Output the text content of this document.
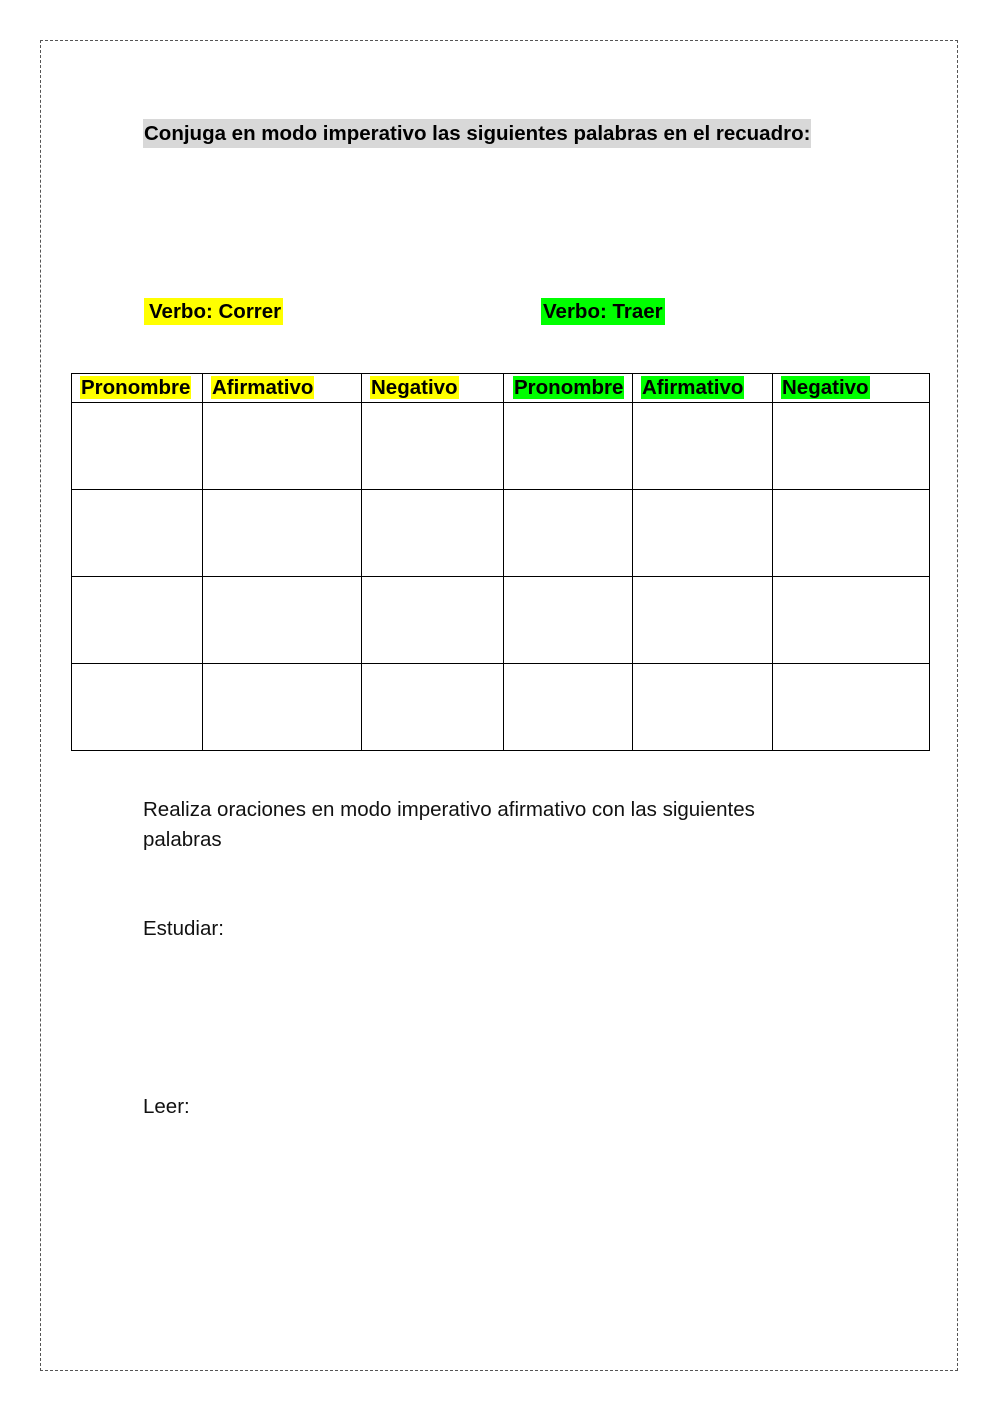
Conjuga en modo imperativo las siguientes palabras en el recuadro:
Verbo: Correr	Verbo: Traer
Pronombre	Afirmativo	Negativo	Pronombre	Afirmativo	Negativo

Realiza oraciones en modo imperativo afirmativo con las siguientes palabras
Estudiar:
Leer:
